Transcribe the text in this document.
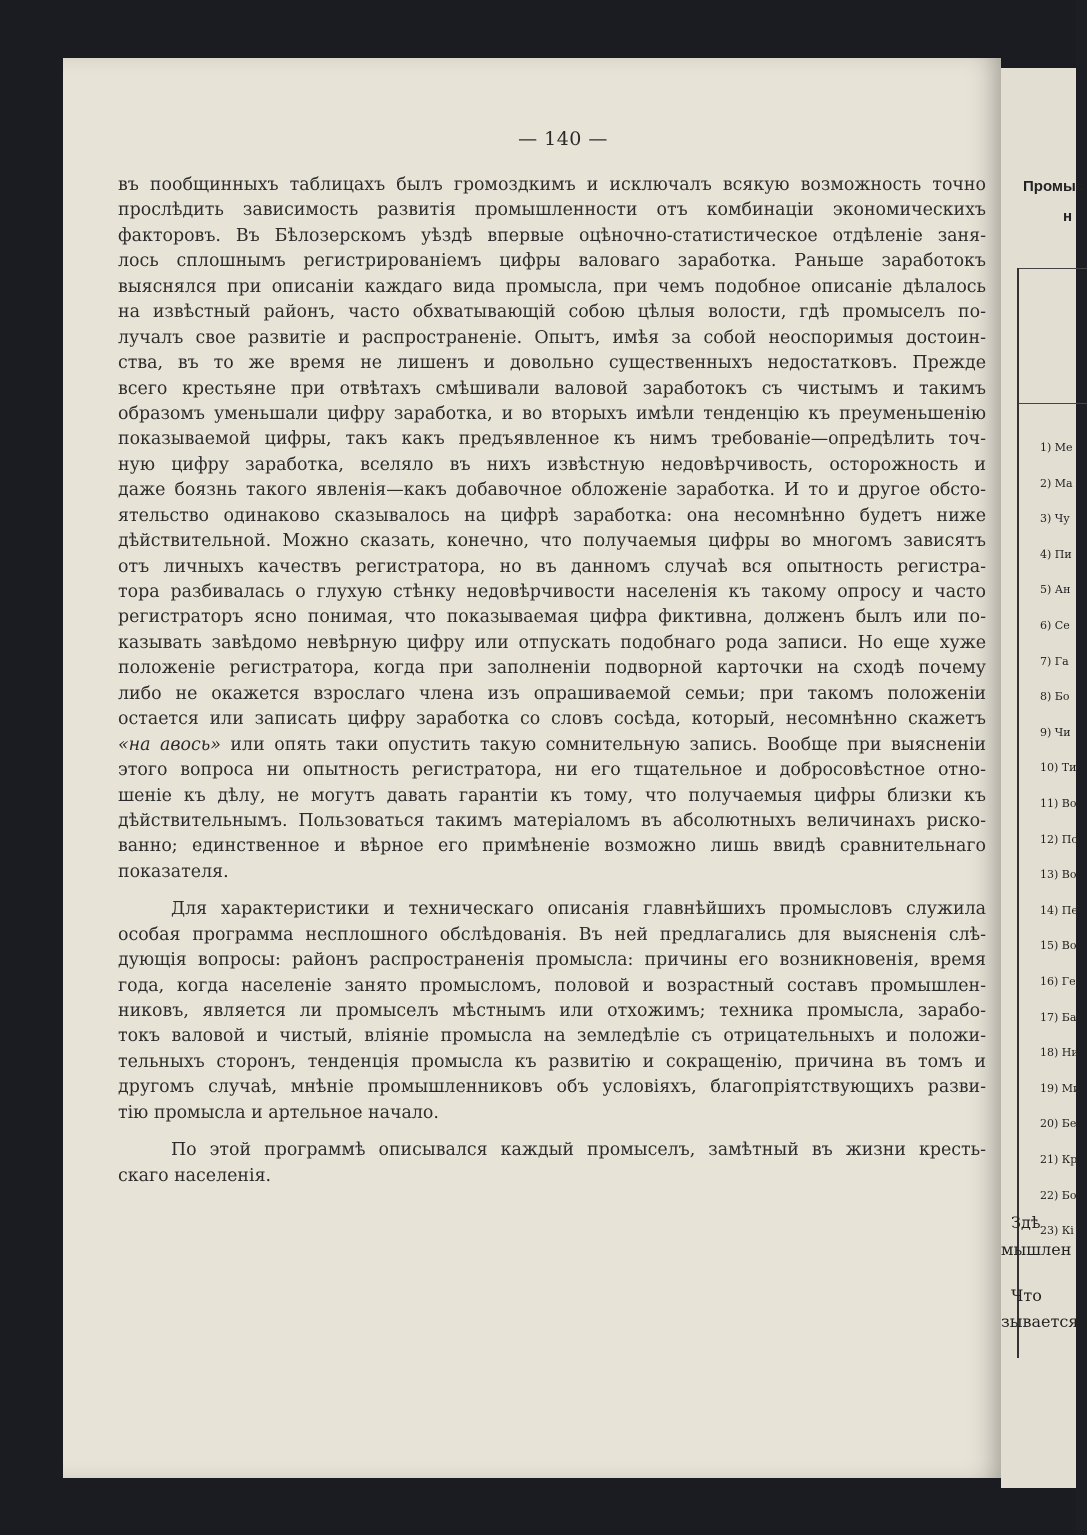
Промыс
н
1) Ме
2) Ма
3) Чу
4) Пи
5) Ан
6) Се
7) Га
8) Бо
9) Чи
10) Ти
11) Во
12) По
13) Во
14) Пе
15) Во
16) Ге
17) Ба
18) Ни
19) Ми
20) Бе
21) Кр
22) Бо
23) Кі
Здѣ
мышлен
Что
зывается
— 140 —
въ пообщинныхъ таблицахъ былъ громоздкимъ и исключалъ всякую возможность точно
прослѣдить зависимость развитія промышленности отъ комбинаціи экономическихъ
факторовъ. Въ Бѣлозерскомъ уѣздѣ впервые оцѣночно-статистическое отдѣленіе заня-
лось сплошнымъ регистрированіемъ цифры валоваго заработка. Раньше заработокъ
выяснялся при описаніи каждаго вида промысла, при чемъ подобное описаніе дѣлалось
на извѣстный районъ, часто обхватывающій собою цѣлыя волости, гдѣ промыселъ по-
лучалъ свое развитіе и распространеніе. Опытъ, имѣя за собой неоспоримыя достоин-
ства, въ то же время не лишенъ и довольно существенныхъ недостатковъ. Прежде
всего крестьяне при отвѣтахъ смѣшивали валовой заработокъ съ чистымъ и такимъ
образомъ уменьшали цифру заработка, и во вторыхъ имѣли тенденцію къ преуменьшенію
показываемой цифры, такъ какъ предъявленное къ нимъ требованіе—опредѣлить точ-
ную цифру заработка, вселяло въ нихъ извѣстную недовѣрчивость, осторожность и
даже боязнь такого явленія—какъ добавочное обложеніе заработка. И то и другое обсто-
ятельство одинаково сказывалось на цифрѣ заработка: она несомнѣнно будетъ ниже
дѣйствительной. Можно сказать, конечно, что получаемыя цифры во многомъ зависятъ
отъ личныхъ качествъ регистратора, но въ данномъ случаѣ вся опытность регистра-
тора разбивалась о глухую стѣнку недовѣрчивости населенія къ такому опросу и часто
регистраторъ ясно понимая, что показываемая цифра фиктивна, долженъ былъ или по-
казывать завѣдомо невѣрную цифру или отпускать подобнаго рода записи. Но еще хуже
положеніе регистратора, когда при заполненіи подворной карточки на сходѣ почему
либо не окажется взрослаго члена изъ опрашиваемой семьи; при такомъ положеніи
остается или записать цифру заработка со словъ сосѣда, который, несомнѣнно скажетъ
«на авось» или опять таки опустить такую сомнительную запись. Вообще при выясненіи
этого вопроса ни опытность регистратора, ни его тщательное и добросовѣстное отно-
шеніе къ дѣлу, не могутъ давать гарантіи къ тому, что получаемыя цифры близки къ
дѣйствительнымъ. Пользоваться такимъ матеріаломъ въ абсолютныхъ величинахъ рискo-
ванно; единственное и вѣрное его примѣненіе возможно лишь ввидѣ сравнительнаго
показателя.
Для характеристики и техническаго описанія главнѣйшихъ промысловъ служила
особая программа несплошного обслѣдованія. Въ ней предлагались для выясненія слѣ-
дующія вопросы: районъ распространенія промысла: причины его возникновенія, время
года, когда населеніе занято промысломъ, половой и возрастный составъ промышлен-
никовъ, является ли промыселъ мѣстнымъ или отхожимъ; техника промысла, зарабо-
токъ валовой и чистый, вліяніе промысла на земледѣліе съ отрицательныхъ и положи-
тельныхъ сторонъ, тенденція промысла къ развитію и сокращенію, причина въ томъ и
другомъ случаѣ, мнѣніе промышленниковъ объ условіяхъ, благопріятствующихъ разви-
тію промысла и артельное начало.
По этой программѣ описывался каждый промыселъ, замѣтный въ жизни кресть-
скаго населенія.
